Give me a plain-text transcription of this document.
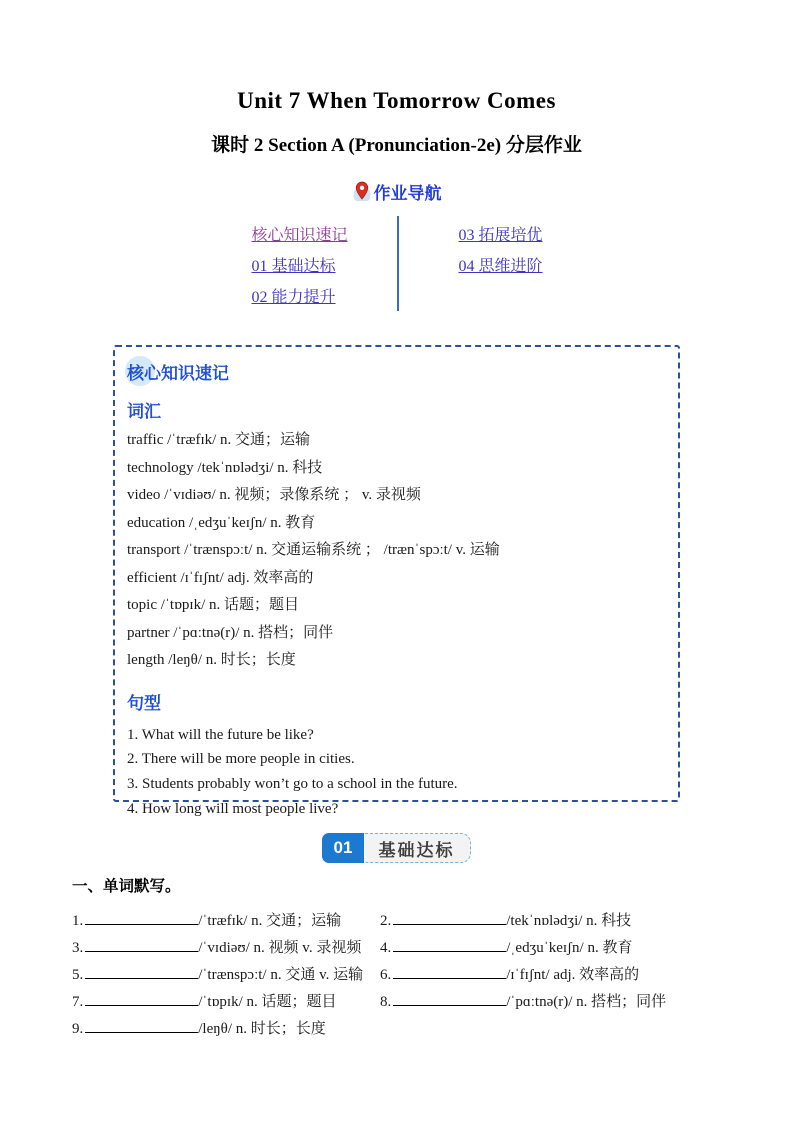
Unit 7 When Tomorrow Comes
课时 2 Section A (Pronunciation-2e) 分层作业
作业导航
核心知识速记
01 基础达标
02 能力提升
03 拓展培优
04 思维进阶
核心知识速记
词汇
traffic /ˈtræfɪk/ n. 交通；运输
technology /tekˈnɒlədʒi/ n. 科技
video /ˈvɪdiəʊ/ n. 视频；录像系统 ； v. 录视频
education /ˌedʒuˈkeɪʃn/ n. 教育
transport /ˈtrænspɔːt/ n. 交通运输系统 ； /trænˈspɔːt/ v. 运输
efficient /ɪˈfɪʃnt/ adj. 效率高的
topic /ˈtɒpɪk/ n. 话题；题目
partner /ˈpɑːtnə(r)/ n. 搭档；同伴
length /leŋθ/ n. 时长；长度
句型
1. What will the future be like?
2. There will be more people in cities.
3. Students probably won’t go to a school in the future.
4. How long will most people live?
01	基础达标
一、单词默写。
1.	/ˈtræfɪk/ n. 交通；运输	2.	/tekˈnɒlədʒi/ n. 科技
3.	/ˈvɪdiəʊ/ n. 视频 v. 录视频	4.	/ˌedʒuˈkeɪʃn/ n. 教育
5.	/ˈtrænspɔːt/ n. 交通 v. 运输	6.	/ɪˈfɪʃnt/ adj. 效率高的
7.	/ˈtɒpɪk/ n. 话题；题目	8.	/ˈpɑːtnə(r)/ n. 搭档；同伴
9.	/leŋθ/ n. 时长；长度
